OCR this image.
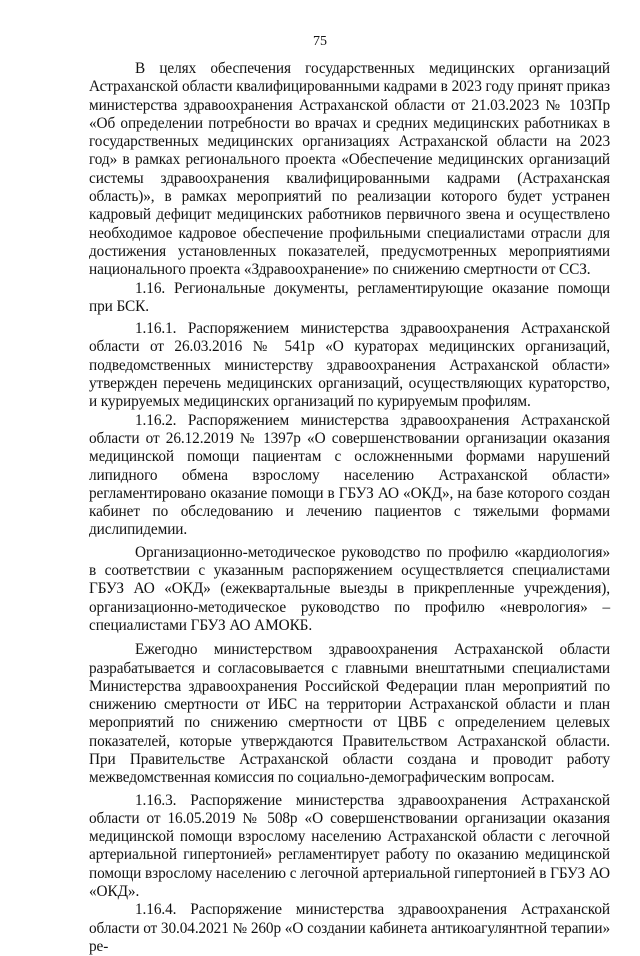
75

В целях обеспечения государственных медицинских организаций Астраханской области квалифицированными кадрами в 2023 году принят приказ министерства здравоохранения Астраханской области от 21.03.2023 № 103Пр «Об определении потребности во врачах и средних медицинских работниках в государственных медицинских организациях Астраханской области на 2023 год» в рамках регионального проекта «Обеспечение медицинских организаций системы здравоохранения квалифицированными кадрами (Астраханская область)», в рамках мероприятий по реализации которого будет устранен кадровый дефицит медицинских работников первичного звена и осуществлено необходимое кадровое обеспечение профильными специалистами отрасли для достижения установленных показателей, предусмотренных мероприятиями национального проекта «Здравоохранение» по снижению смертности от ССЗ.

1.16. Региональные документы, регламентирующие оказание помощи при БСК.

1.16.1. Распоряжением министерства здравоохранения Астраханской области от 26.03.2016 № 541р «О кураторах медицинских организаций, подведомственных министерству здравоохранения Астраханской области» утвержден перечень медицинских организаций, осуществляющих кураторство, и курируемых медицинских организаций по курируемым профилям.

1.16.2. Распоряжением министерства здравоохранения Астраханской области от 26.12.2019 № 1397р «О совершенствовании организации оказания медицинской помощи пациентам с осложненными формами нарушений липидного обмена взрослому населению Астраханской области» регламентировано оказание помощи в ГБУЗ АО «ОКД», на базе которого создан кабинет по обследованию и лечению пациентов с тяжелыми формами дислипидемии.

Организационно-методическое руководство по профилю «кардиология» в соответствии с указанным распоряжением осуществляется специалистами ГБУЗ АО «ОКД» (ежеквартальные выезды в прикрепленные учреждения), организационно-методическое руководство по профилю «неврология» – специалистами ГБУЗ АО АМОКБ.

Ежегодно министерством здравоохранения Астраханской области разрабатывается и согласовывается с главными внештатными специалистами Министерства здравоохранения Российской Федерации план мероприятий по снижению смертности от ИБС на территории Астраханской области и план мероприятий по снижению смертности от ЦВБ с определением целевых показателей, которые утверждаются Правительством Астраханской области. При Правительстве Астраханской области создана и проводит работу межведомственная комиссия по социально-демографическим вопросам.

1.16.3. Распоряжение министерства здравоохранения Астраханской области от 16.05.2019 № 508р «О совершенствовании организации оказания медицинской помощи взрослому населению Астраханской области с легочной артериальной гипертонией» регламентирует работу по оказанию медицинской помощи взрослому населению с легочной артериальной гипертонией в ГБУЗ АО «ОКД».

1.16.4. Распоряжение министерства здравоохранения Астраханской области от 30.04.2021 № 260р «О создании кабинета антикоагулянтной терапии» ре-
